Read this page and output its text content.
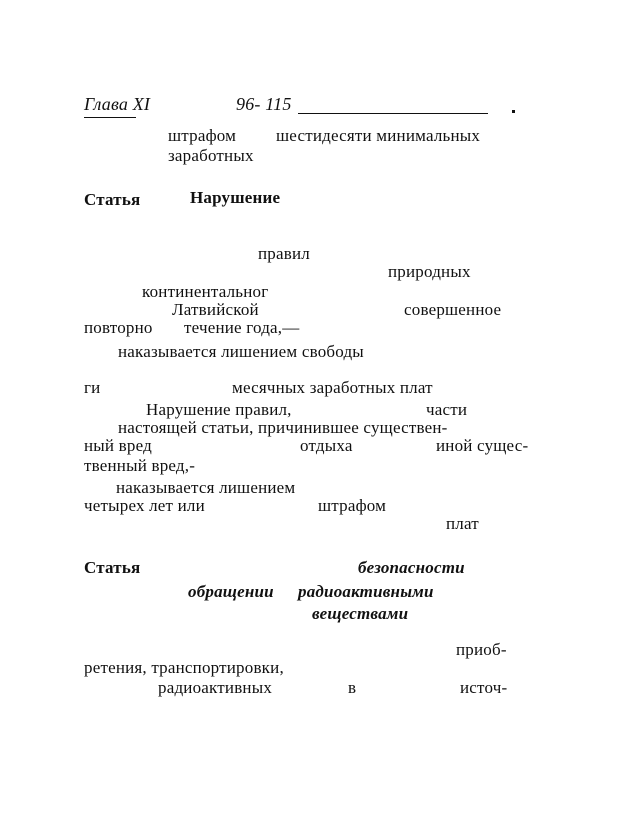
Глава XI	96- 115
штрафом шестидесяти минимальных
заработных
Статья	Нарушение
правил
природных
континентальног
Латвийской	совершенное
повторно течение года,—
наказывается лишением свободы
ги	месячных заработных плат
Нарушение правил,	части
настоящей статьи, причинившее существен-
ный вред	отдыха	иной сущес-
твенный вред,-
наказывается лишением
четырех лет или	штрафом
плат
Статья	безопасности
обращении радиоактивными
веществами
приоб-
ретения, транспортировки,
радиоактивных	в	источ-
